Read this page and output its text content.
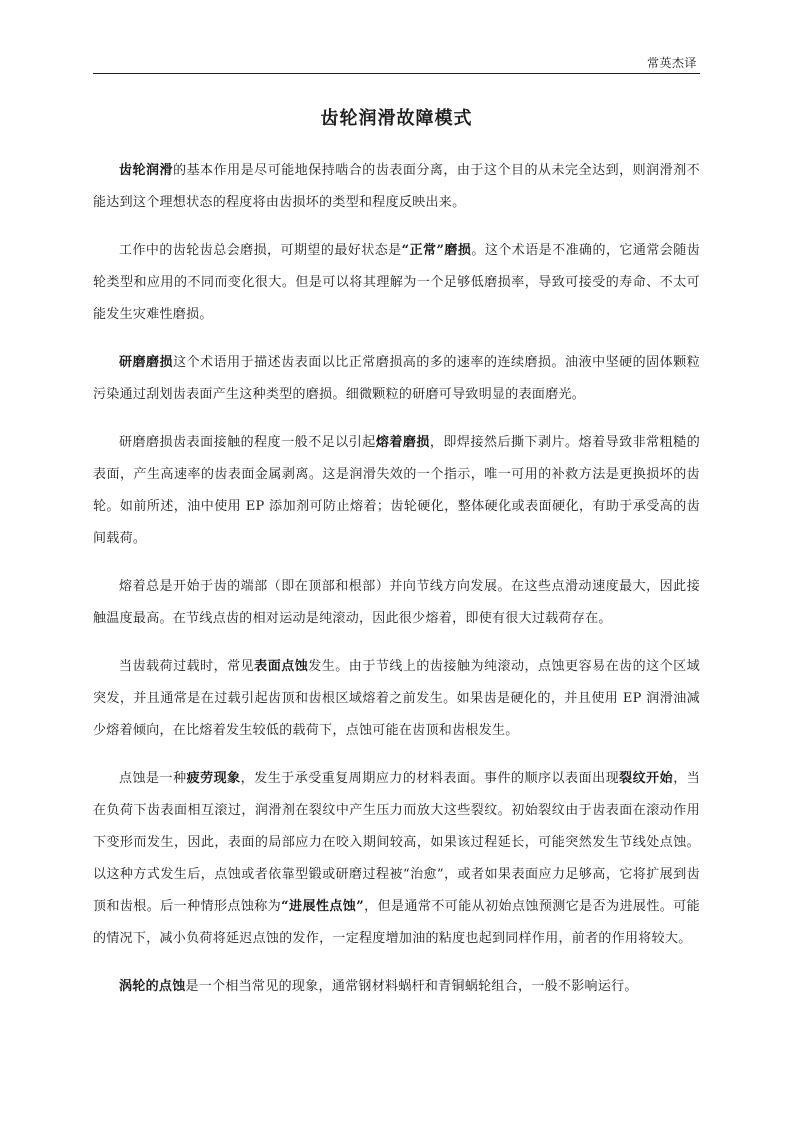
常英杰译
齿轮润滑故障模式

齿轮润滑的基本作用是尽可能地保持啮合的齿表面分离，由于这个目的从未完全达到，则润滑剂不能达到这个理想状态的程度将由齿损坏的类型和程度反映出来。

工作中的齿轮齿总会磨损，可期望的最好状态是“正常”磨损。这个术语是不准确的，它通常会随齿轮类型和应用的不同而变化很大。但是可以将其理解为一个足够低磨损率，导致可接受的寿命、不太可能发生灾难性磨损。

研磨磨损这个术语用于描述齿表面以比正常磨损高的多的速率的连续磨损。油液中坚硬的固体颗粒污染通过刮划齿表面产生这种类型的磨损。细微颗粒的研磨可导致明显的表面磨光。

研磨磨损齿表面接触的程度一般不足以引起熔着磨损，即焊接然后撕下剥片。熔着导致非常粗糙的表面，产生高速率的齿表面金属剥离。这是润滑失效的一个指示，唯一可用的补救方法是更换损坏的齿轮。如前所述，油中使用 EP 添加剂可防止熔着；齿轮硬化，整体硬化或表面硬化，有助于承受高的齿间载荷。

熔着总是开始于齿的端部（即在顶部和根部）并向节线方向发展。在这些点滑动速度最大，因此接触温度最高。在节线点齿的相对运动是纯滚动，因此很少熔着，即使有很大过载荷存在。

当齿载荷过载时，常见表面点蚀发生。由于节线上的齿接触为纯滚动，点蚀更容易在齿的这个区域突发，并且通常是在过载引起齿顶和齿根区域熔着之前发生。如果齿是硬化的，并且使用 EP 润滑油减少熔着倾向，在比熔着发生较低的载荷下，点蚀可能在齿顶和齿根发生。

点蚀是一种疲劳现象，发生于承受重复周期应力的材料表面。事件的顺序以表面出现裂纹开始，当在负荷下齿表面相互滚过，润滑剂在裂纹中产生压力而放大这些裂纹。初始裂纹由于齿表面在滚动作用下变形而发生，因此，表面的局部应力在咬入期间较高，如果该过程延长，可能突然发生节线处点蚀。以这种方式发生后，点蚀或者依靠型锻或研磨过程被“治愈”，或者如果表面应力足够高，它将扩展到齿顶和齿根。后一种情形点蚀称为“进展性点蚀”，但是通常不可能从初始点蚀预测它是否为进展性。可能的情况下，减小负荷将延迟点蚀的发作，一定程度增加油的粘度也起到同样作用，前者的作用将较大。

涡轮的点蚀是一个相当常见的现象，通常钢材料蜗杆和青铜蜗轮组合，一般不影响运行。
